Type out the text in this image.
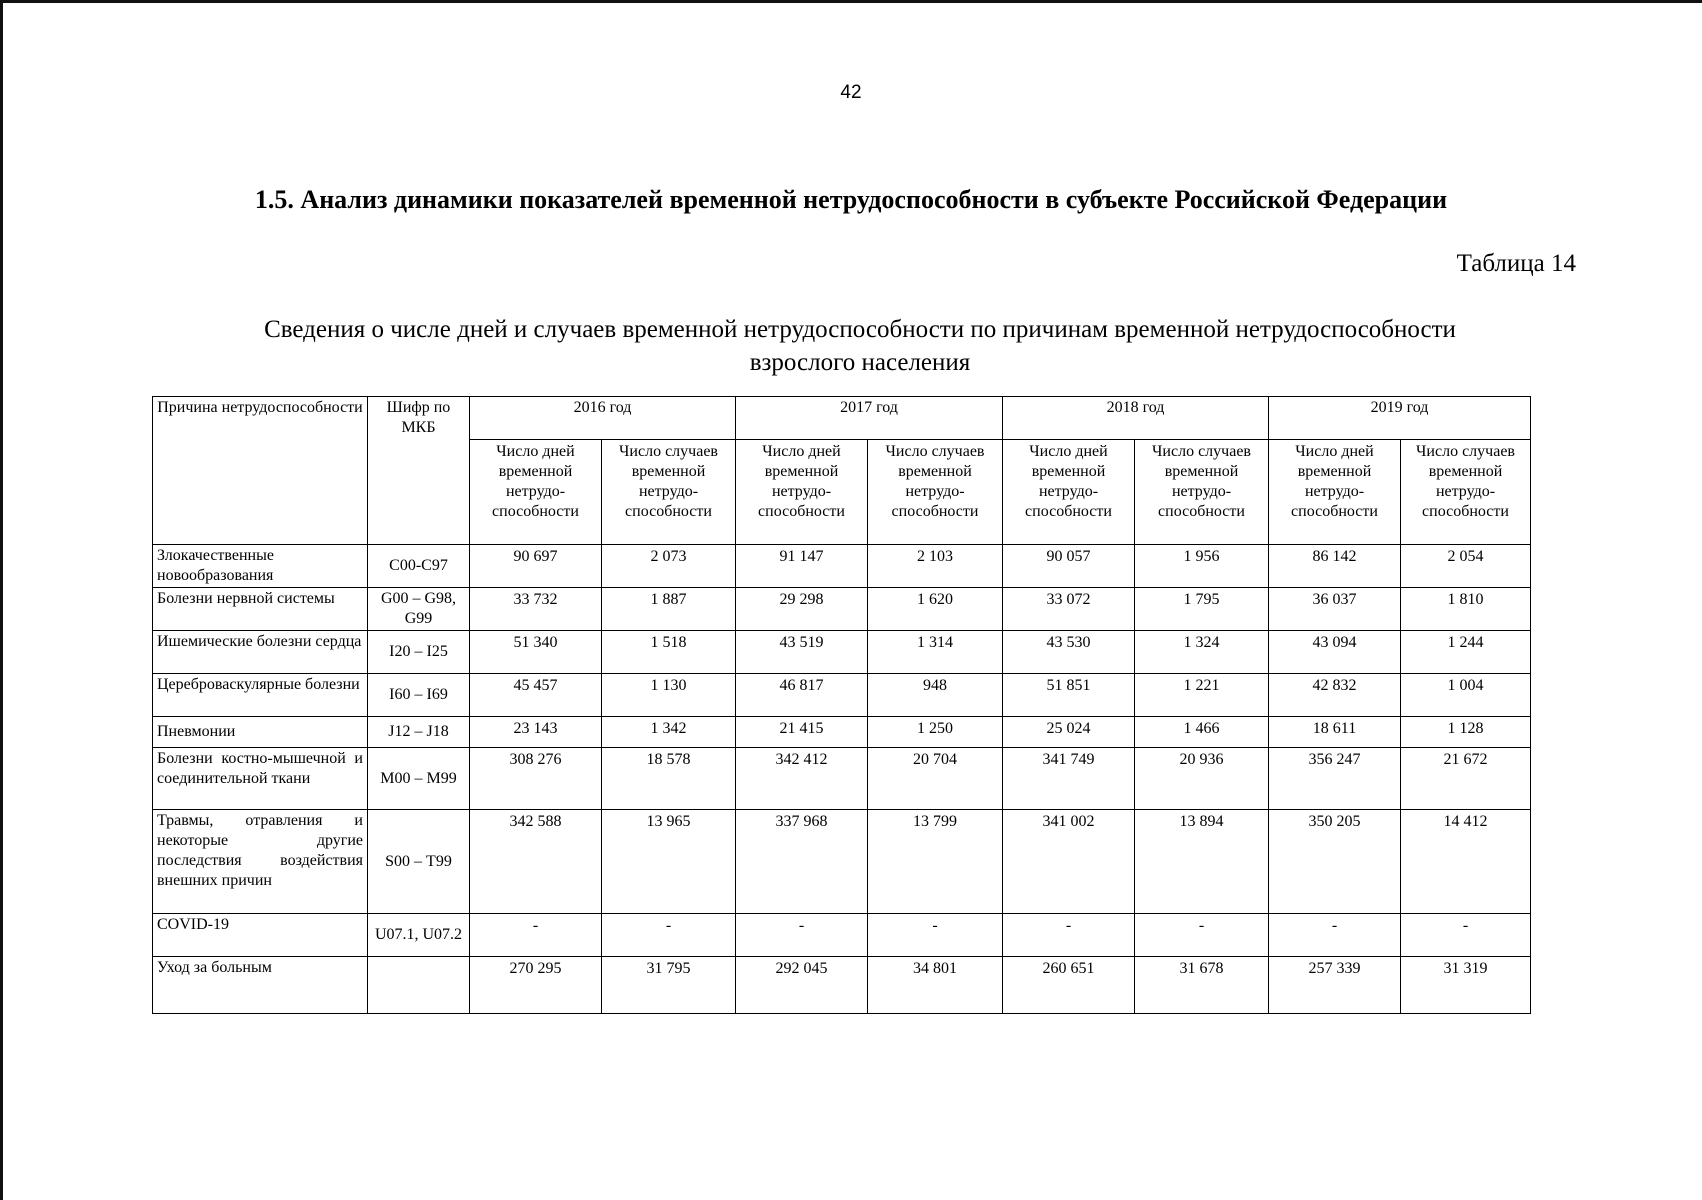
42
1.5. Анализ динамики показателей временной нетрудоспособности в субъекте Российской Федерации
Таблица 14
Сведения о числе дней и случаев временной нетрудоспособности по причинам временной нетрудоспособности
взрослого населения
Причина нетрудоспособности	Шифр по МКБ	2016 год		2017 год		2018 год		2019 год	
		Число дней временной нетрудо-способности	Число случаев временной нетрудо-способности	Число дней временной нетрудо-способности	Число случаев временной нетрудо-способности	Число дней временной нетрудо-способности	Число случаев временной нетрудо-способности	Число дней временной нетрудо-способности	Число случаев временной нетрудо-способности
Злокачественные новообразования	С00-С97	90 697	2 073	91 147	2 103	90 057	1 956	86 142	2 054
Болезни нервной системы	G00 – G98, G99	33 732	1 887	29 298	1 620	33 072	1 795	36 037	1 810
Ишемические болезни сердца	I20 – I25	51 340	1 518	43 519	1 314	43 530	1 324	43 094	1 244
Цереброваскулярные болезни	I60 – I69	45 457	1 130	46 817	948	51 851	1 221	42 832	1 004
Пневмонии	J12 – J18	23 143	1 342	21 415	1 250	25 024	1 466	18 611	1 128
Болезни костно-мышечной и соединительной ткани	М00 – М99	308 276	18 578	342 412	20 704	341 749	20 936	356 247	21 672
Травмы, отравления и некоторые другие последствия воздействия внешних причин	S00 – Т99	342 588	13 965	337 968	13 799	341 002	13 894	350 205	14 412
COVID-19	U07.1, U07.2	-	-	-	-	-	-	-	-
Уход за больным		270 295	31 795	292 045	34 801	260 651	31 678	257 339	31 319
